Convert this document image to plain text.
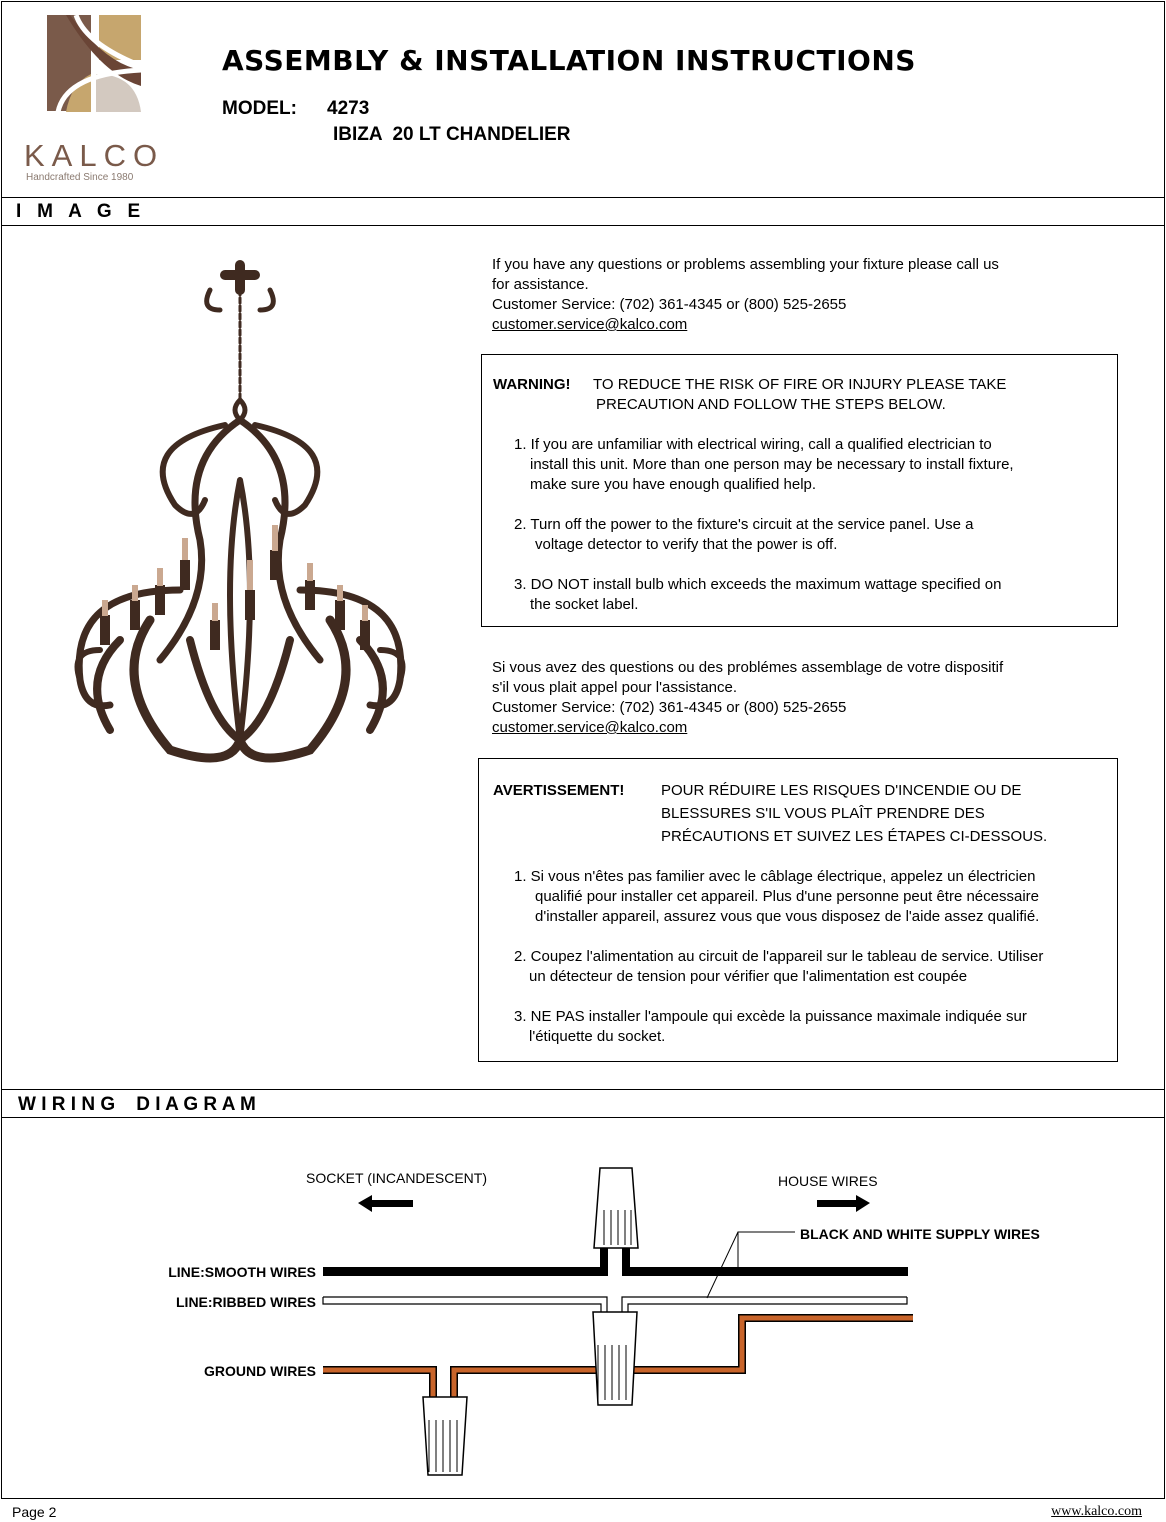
KALCO
Handcrafted Since 1980
ASSEMBLY & INSTALLATION INSTRUCTIONS
MODEL: 4273
IBIZA  20 LT CHANDELIER
I   M   A   G   E

If you have any questions or problems assembling your fixture please call us

for assistance.

Customer Service: (702) 361-4345 or (800) 525-2655

customer.service@kalco.com

WARNING! TO REDUCE THE RISK OF FIRE OR INJURY PLEASE TAKE
PRECAUTION AND FOLLOW THE STEPS BELOW.
1. If you are unfamiliar with electrical wiring, call a qualified electrician to
install this unit. More than one person may be necessary to install fixture,
make sure you have enough qualified help.
2. Turn off the power to the fixture's circuit at the service panel. Use a
voltage detector to verify that the power is off.
3. DO NOT install bulb which exceeds the maximum wattage specified on
the socket label.

Si vous avez des questions ou des problémes assemblage de votre dispositif

s'il vous plait appel pour l'assistance.

Customer Service: (702) 361-4345 or (800) 525-2655

customer.service@kalco.com

AVERTISSEMENT! POUR RÉDUIRE LES RISQUES D'INCENDIE OU DE
BLESSURES S'IL VOUS PLAÎT PRENDRE DES
PRÉCAUTIONS ET SUIVEZ LES ÉTAPES CI-DESSOUS.
1. Si vous n'êtes pas familier avec le câblage électrique, appelez un électricien
qualifié pour installer cet appareil. Plus d'une personne peut être nécessaire
d'installer appareil, assurez vous que vous disposez de l'aide assez qualifié.
2. Coupez l'alimentation au circuit de l'appareil sur le tableau de service. Utiliser
un détecteur de tension pour vérifier que l'alimentation est coupée
3. NE PAS installer l'ampoule qui excède la puissance maximale indiquée sur
l'étiquette du socket.
W I R I N G    D I A G R A M
SOCKET (INCANDESCENT)	HOUSE WIRES
BLACK AND WHITE SUPPLY WIRES
LINE:SMOOTH WIRES
LINE:RIBBED WIRES
GROUND WIRES
Page 2	www.kalco.com
